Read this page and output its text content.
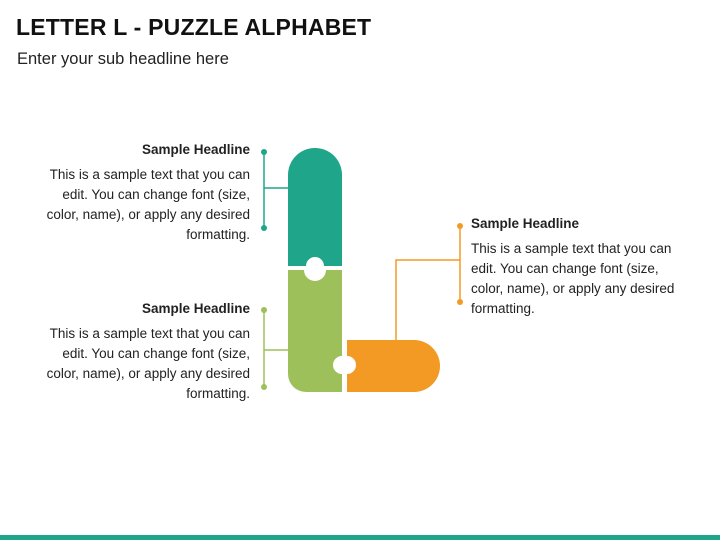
LETTER L - PUZZLE ALPHABET
Enter your sub headline here
Sample Headline
This is a sample text that you can edit. You can change font (size, color, name), or apply any desired formatting.
Sample Headline
This is a sample text that you can edit. You can change font (size, color, name), or apply any desired formatting.
Sample Headline
This is a sample text that you can edit. You can change font (size, color, name), or apply any desired formatting.
